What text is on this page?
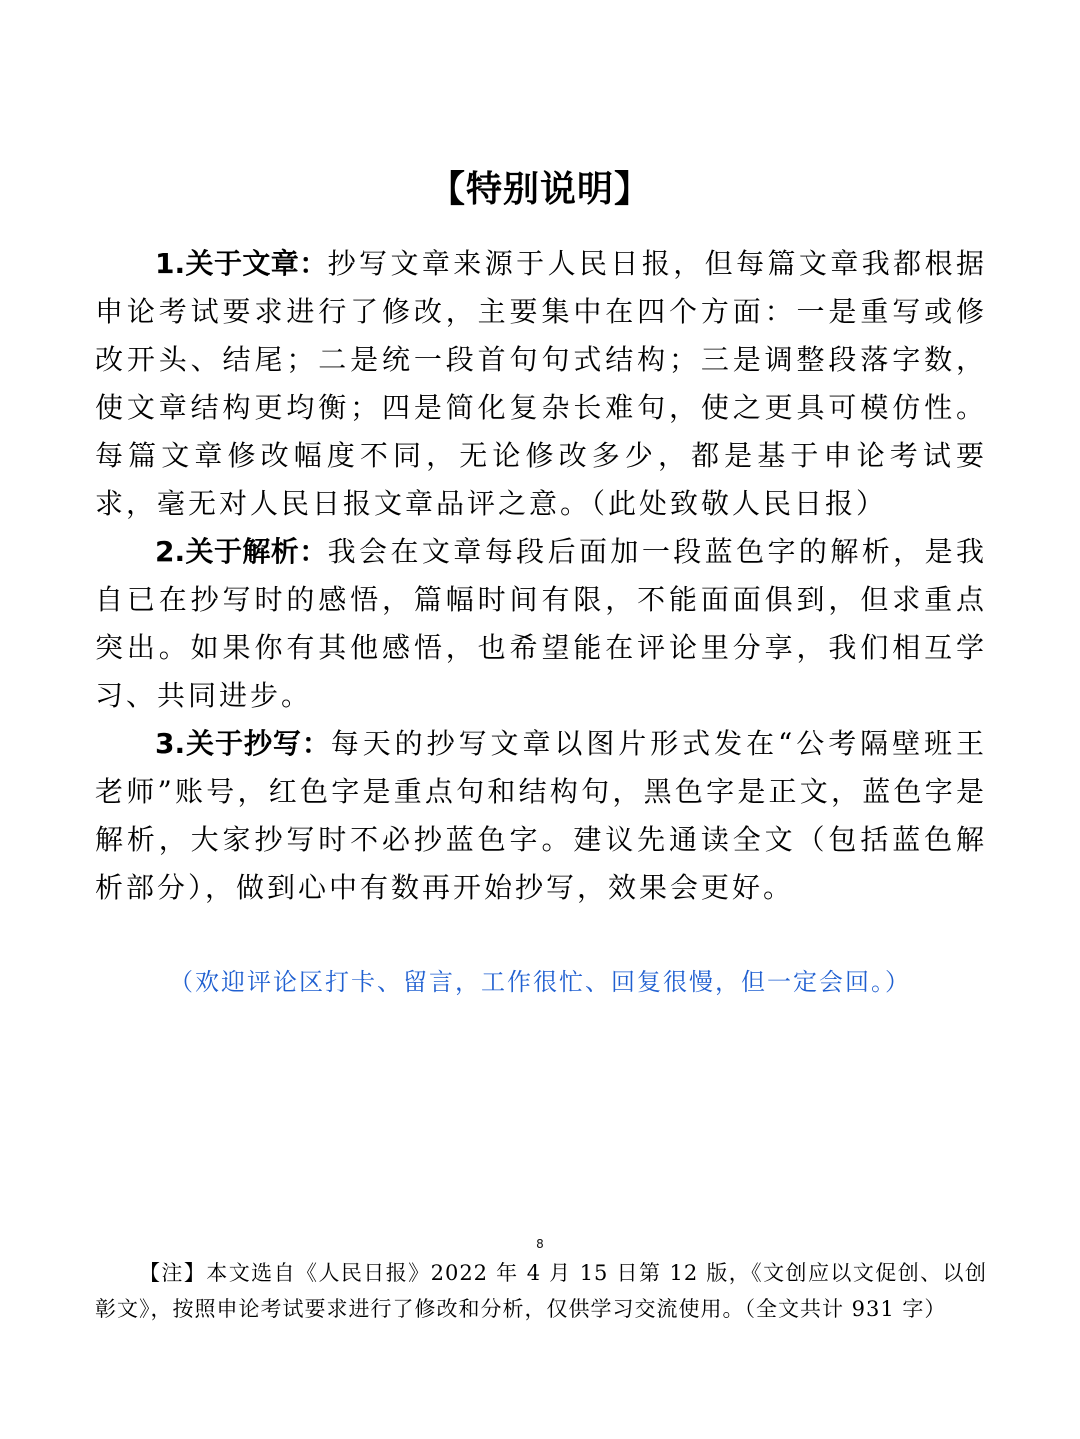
【特别说明】

1.关于文章：抄写文章来源于人民日报，但每篇文章我都根据申论考试要求进行了修改，主要集中在四个方面：一是重写或修改开头、结尾；二是统一段首句句式结构；三是调整段落字数，使文章结构更均衡；四是简化复杂长难句，使之更具可模仿性。每篇文章修改幅度不同，无论修改多少，都是基于申论考试要求，毫无对人民日报文章品评之意。（此处致敬人民日报）

2.关于解析：我会在文章每段后面加一段蓝色字的解析，是我自已在抄写时的感悟，篇幅时间有限，不能面面俱到，但求重点突出。如果你有其他感悟，也希望能在评论里分享，我们相互学习、共同进步。

3.关于抄写：每天的抄写文章以图片形式发在“公考隔壁班王老师”账号，红色字是重点句和结构句，黑色字是正文，蓝色字是解析，大家抄写时不必抄蓝色字。建议先通读全文（包括蓝色解析部分），做到心中有数再开始抄写，效果会更好。

（欢迎评论区打卡、留言，工作很忙、回复很慢，但一定会回。）
8
【注】本文选自《人民日报》2022 年 4 月 15 日第 12 版，《文创应以文促创、以创彰文》，按照申论考试要求进行了修改和分析，仅供学习交流使用。（全文共计 931 字）
